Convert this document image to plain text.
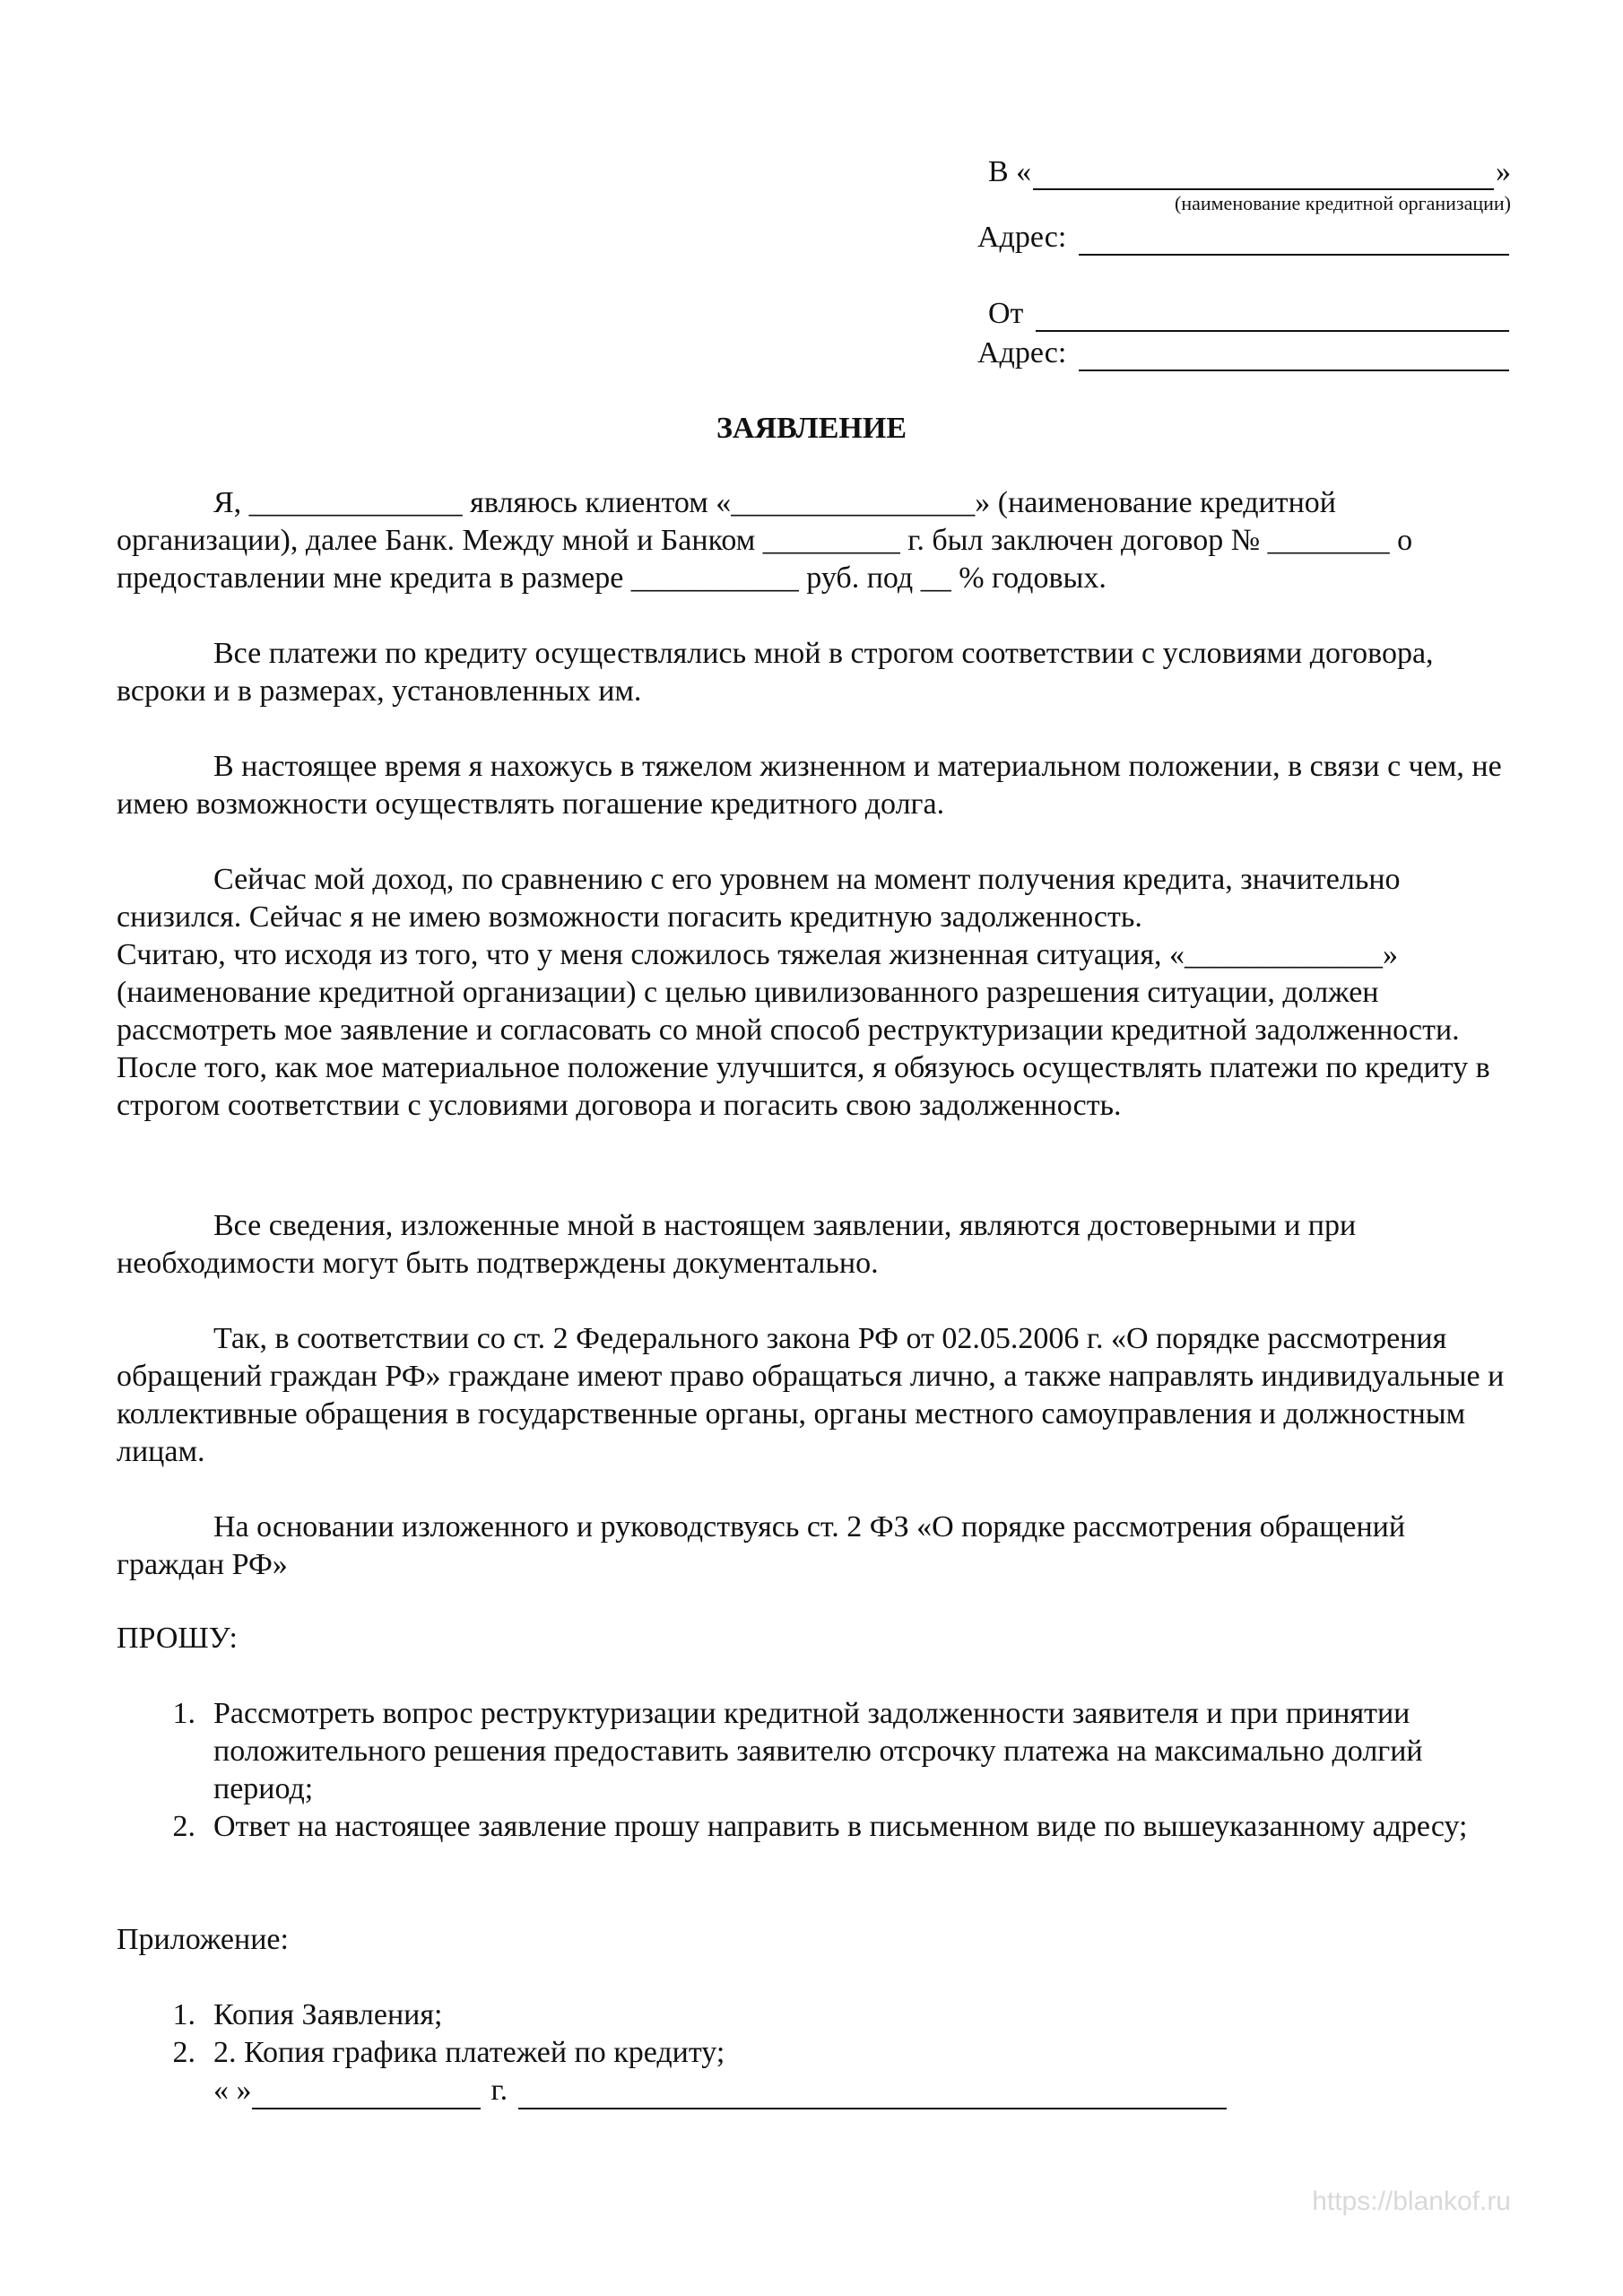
В «	»
(наименование кредитной организации)
Адрес:
От
Адрес:
ЗАЯВЛЕНИЕ

Я, ______________ являюсь клиентом «________________» (наименование кредитной организации), далее Банк. Между мной и Банком _________ г. был заключен договор № ________ о предоставлении мне кредита в размере ___________ руб. под __ % годовых.

Все платежи по кредиту осуществлялись мной в строгом соответствии с условиями договора, всроки и в размерах, установленных им.

В настоящее время я нахожусь в тяжелом жизненном и материальном положении, в связи с чем, не имею возможности осуществлять погашение кредитного долга.

Сейчас мой доход, по сравнению с его уровнем на момент получения кредита, значительно снизился. Сейчас я не имею возможности погасить кредитную задолженность.

Считаю, что исходя из того, что у меня сложилось тяжелая жизненная ситуация, «_____________» (наименование кредитной организации) с целью цивилизованного разрешения ситуации, должен рассмотреть мое заявление и согласовать со мной способ реструктуризации кредитной задолженности.

После того, как мое материальное положение улучшится, я обязуюсь осуществлять платежи по кредиту в строгом соответствии с условиями договора и погасить свою задолженность.

Все сведения, изложенные мной в настоящем заявлении, являются достоверными и при необходимости могут быть подтверждены документально.

Так, в соответствии со ст. 2 Федерального закона РФ от 02.05.2006 г. «О порядке рассмотрения обращений граждан РФ» граждане имеют право обращаться лично, а также направлять индивидуальные и коллективные обращения в государственные органы, органы местного самоуправления и должностным лицам.

На основании изложенного и руководствуясь ст. 2 ФЗ «О порядке рассмотрения обращений граждан РФ»

ПРОШУ:
1. Рассмотреть вопрос реструктуризации кредитной задолженности заявителя и при принятии положительного решения предоставить заявителю отсрочку платежа на максимально долгий период;
2. Ответ на настоящее заявление прошу направить в письменном виде по вышеуказанному адресу;
Приложение:
1. Копия Заявления;
2. 2. Копия графика платежей по кредиту;
« »	г.
https://blankof.ru
